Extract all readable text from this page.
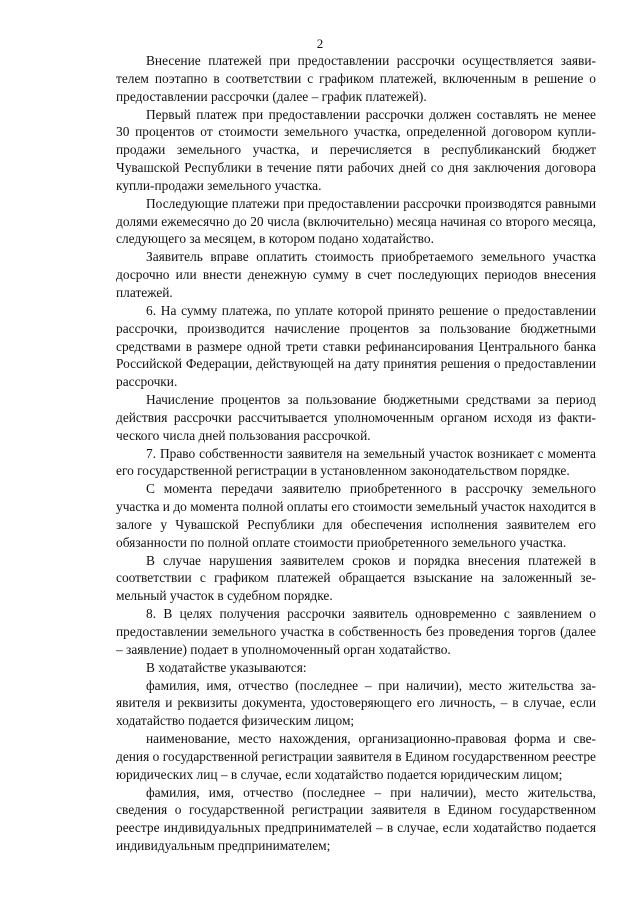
2

Внесение платежей при предоставлении рассрочки осуществляется заявителем поэтапно в соответствии с графиком платежей, включенным в решение о предоставлении рассрочки (далее – график платежей).

Первый платеж при предоставлении рассрочки должен составлять не менее 30 процентов от стоимости земельного участка, определенной договором купли-продажи земельного участка, и перечисляется в республиканский бюджет Чувашской Республики в течение пяти рабочих дней со дня заключения договора купли-продажи земельного участка.

Последующие платежи при предоставлении рассрочки производятся равными долями ежемесячно до 20 числа (включительно) месяца начиная со второго месяца, следующего за месяцем, в котором подано ходатайство.

Заявитель вправе оплатить стоимость приобретаемого земельного участка досрочно или внести денежную сумму в счет последующих периодов внесения платежей.

6. На сумму платежа, по уплате которой принято решение о предоставлении рассрочки, производится начисление процентов за пользование бюджетными средствами в размере одной трети ставки рефинансирования Центрального банка Российской Федерации, действующей на дату принятия решения о предоставлении рассрочки.

Начисление процентов за пользование бюджетными средствами за период действия рассрочки рассчитывается уполномоченным органом исходя из фактического числа дней пользования рассрочкой.

7. Право собственности заявителя на земельный участок возникает с момента его государственной регистрации в установленном законодательством порядке.

С момента передачи заявителю приобретенного в рассрочку земельного участка и до момента полной оплаты его стоимости земельный участок находится в залоге у Чувашской Республики для обеспечения исполнения заявителем его обязанности по полной оплате стоимости приобретенного земельного участка.

В случае нарушения заявителем сроков и порядка внесения платежей в соответствии с графиком платежей обращается взыскание на заложенный земельный участок в судебном порядке.

8. В целях получения рассрочки заявитель одновременно с заявлением о предоставлении земельного участка в собственность без проведения торгов (далее – заявление) подает в уполномоченный орган ходатайство.

В ходатайстве указываются:

фамилия, имя, отчество (последнее – при наличии), место жительства заявителя и реквизиты документа, удостоверяющего его личность, – в случае, если ходатайство подается физическим лицом;

наименование, место нахождения, организационно-правовая форма и сведения о государственной регистрации заявителя в Едином государственном реестре юридических лиц – в случае, если ходатайство подается юридическим лицом;

фамилия, имя, отчество (последнее – при наличии), место жительства, сведения о государственной регистрации заявителя в Едином государственном реестре индивидуальных предпринимателей – в случае, если ходатайство подается индивидуальным предпринимателем;
